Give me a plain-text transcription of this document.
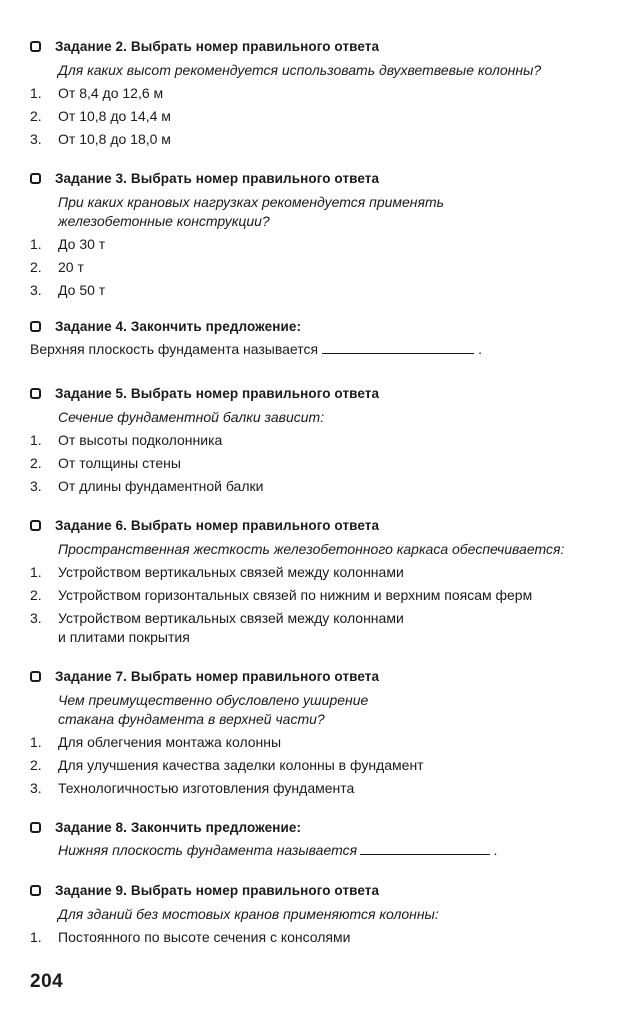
Задание 2. Выбрать номер правильного ответа
Для каких высот рекомендуется использовать двухветвевые колонны?
1.	От 8,4 до 12,6 м
2.	От 10,8 до 14,4 м
3.	От 10,8 до 18,0 м
Задание 3. Выбрать номер правильного ответа
При каких крановых нагрузках рекомендуется применять
железобетонные конструкции?
1.	До 30 т
2.	20 т
3.	До 50 т
Задание 4. Закончить предложение:
Верхняя плоскость фундамента называется	.
Задание 5. Выбрать номер правильного ответа
Сечение фундаментной балки зависит:
1.	От высоты подколонника
2.	От толщины стены
3.	От длины фундаментной балки
Задание 6. Выбрать номер правильного ответа
Пространственная жесткость железобетонного каркаса обеспечивается:
1.	Устройством вертикальных связей между колоннами
2.	Устройством горизонтальных связей по нижним и верхним поясам ферм
3.	Устройством вертикальных связей между колоннами
и плитами покрытия
Задание 7. Выбрать номер правильного ответа
Чем преимущественно обусловлено уширение
стакана фундамента в верхней части?
1.	Для облегчения монтажа колонны
2.	Для улучшения качества заделки колонны в фундамент
3.	Технологичностью изготовления фундамента
Задание 8. Закончить предложение:
Нижняя плоскость фундамента называется	.
Задание 9. Выбрать номер правильного ответа
Для зданий без мостовых кранов применяются колонны:
1.	Постоянного по высоте сечения с консолями
204
